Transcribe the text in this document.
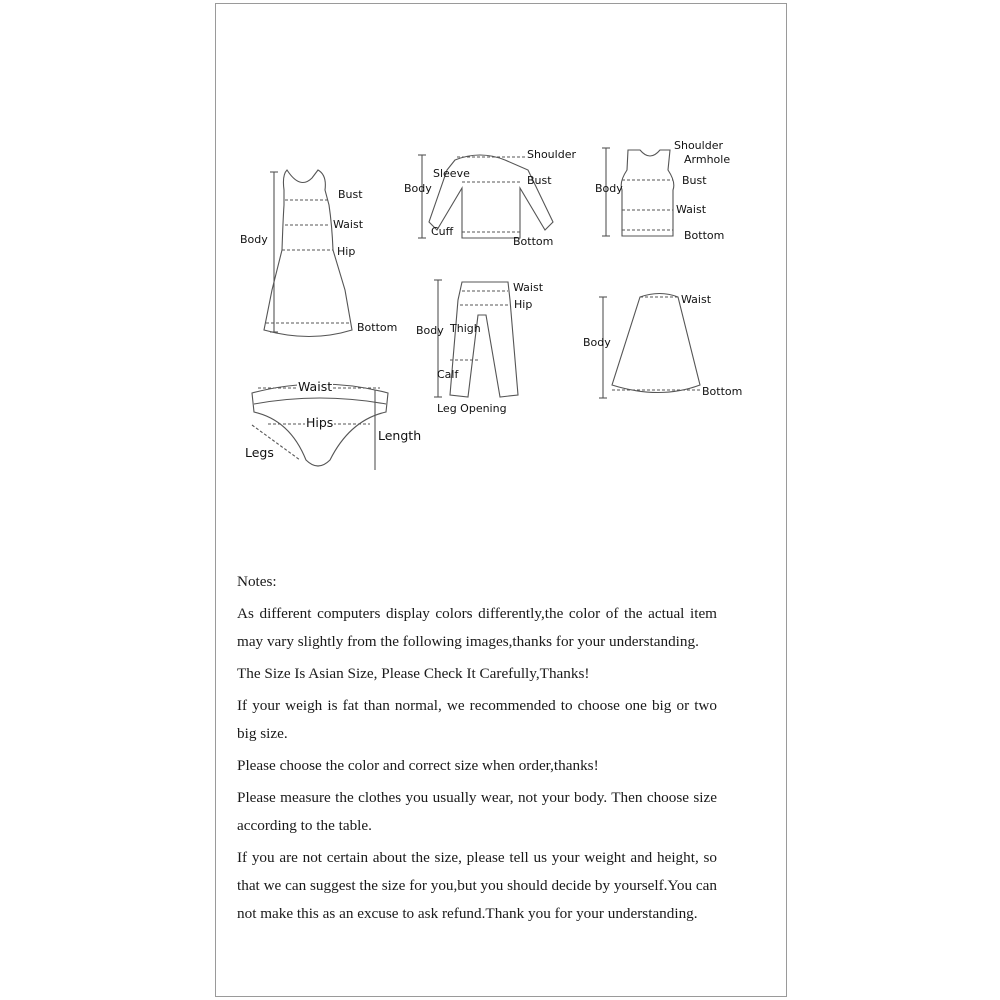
Bust
Waist
Hip
Body
Bottom
Shoulder
Sleeve
Body
Bust
Cuff
Bottom
Shoulder
Armhole
Body
Bust
Waist
Bottom
Waist
Hip
Body Thigh
Calf
Leg Opening
Waist
Body
Bottom
Waist
Hips
Length
Legs

Notes:

As different computers display colors differently,the color of the actual item may vary slightly from the following images,thanks for your understanding.

The Size Is Asian Size, Please Check It Carefully,Thanks!

If your weigh is fat than normal, we recommended to choose one big or two big size.

Please choose the color and correct size when order,thanks!

Please measure the clothes you usually wear, not your body. Then choose size according to the table.

If you are not certain about the size, please tell us your weight and height, so that we can suggest the size for you,but you should decide by yourself.You can not make this as an excuse to ask refund.Thank you for your understanding.
